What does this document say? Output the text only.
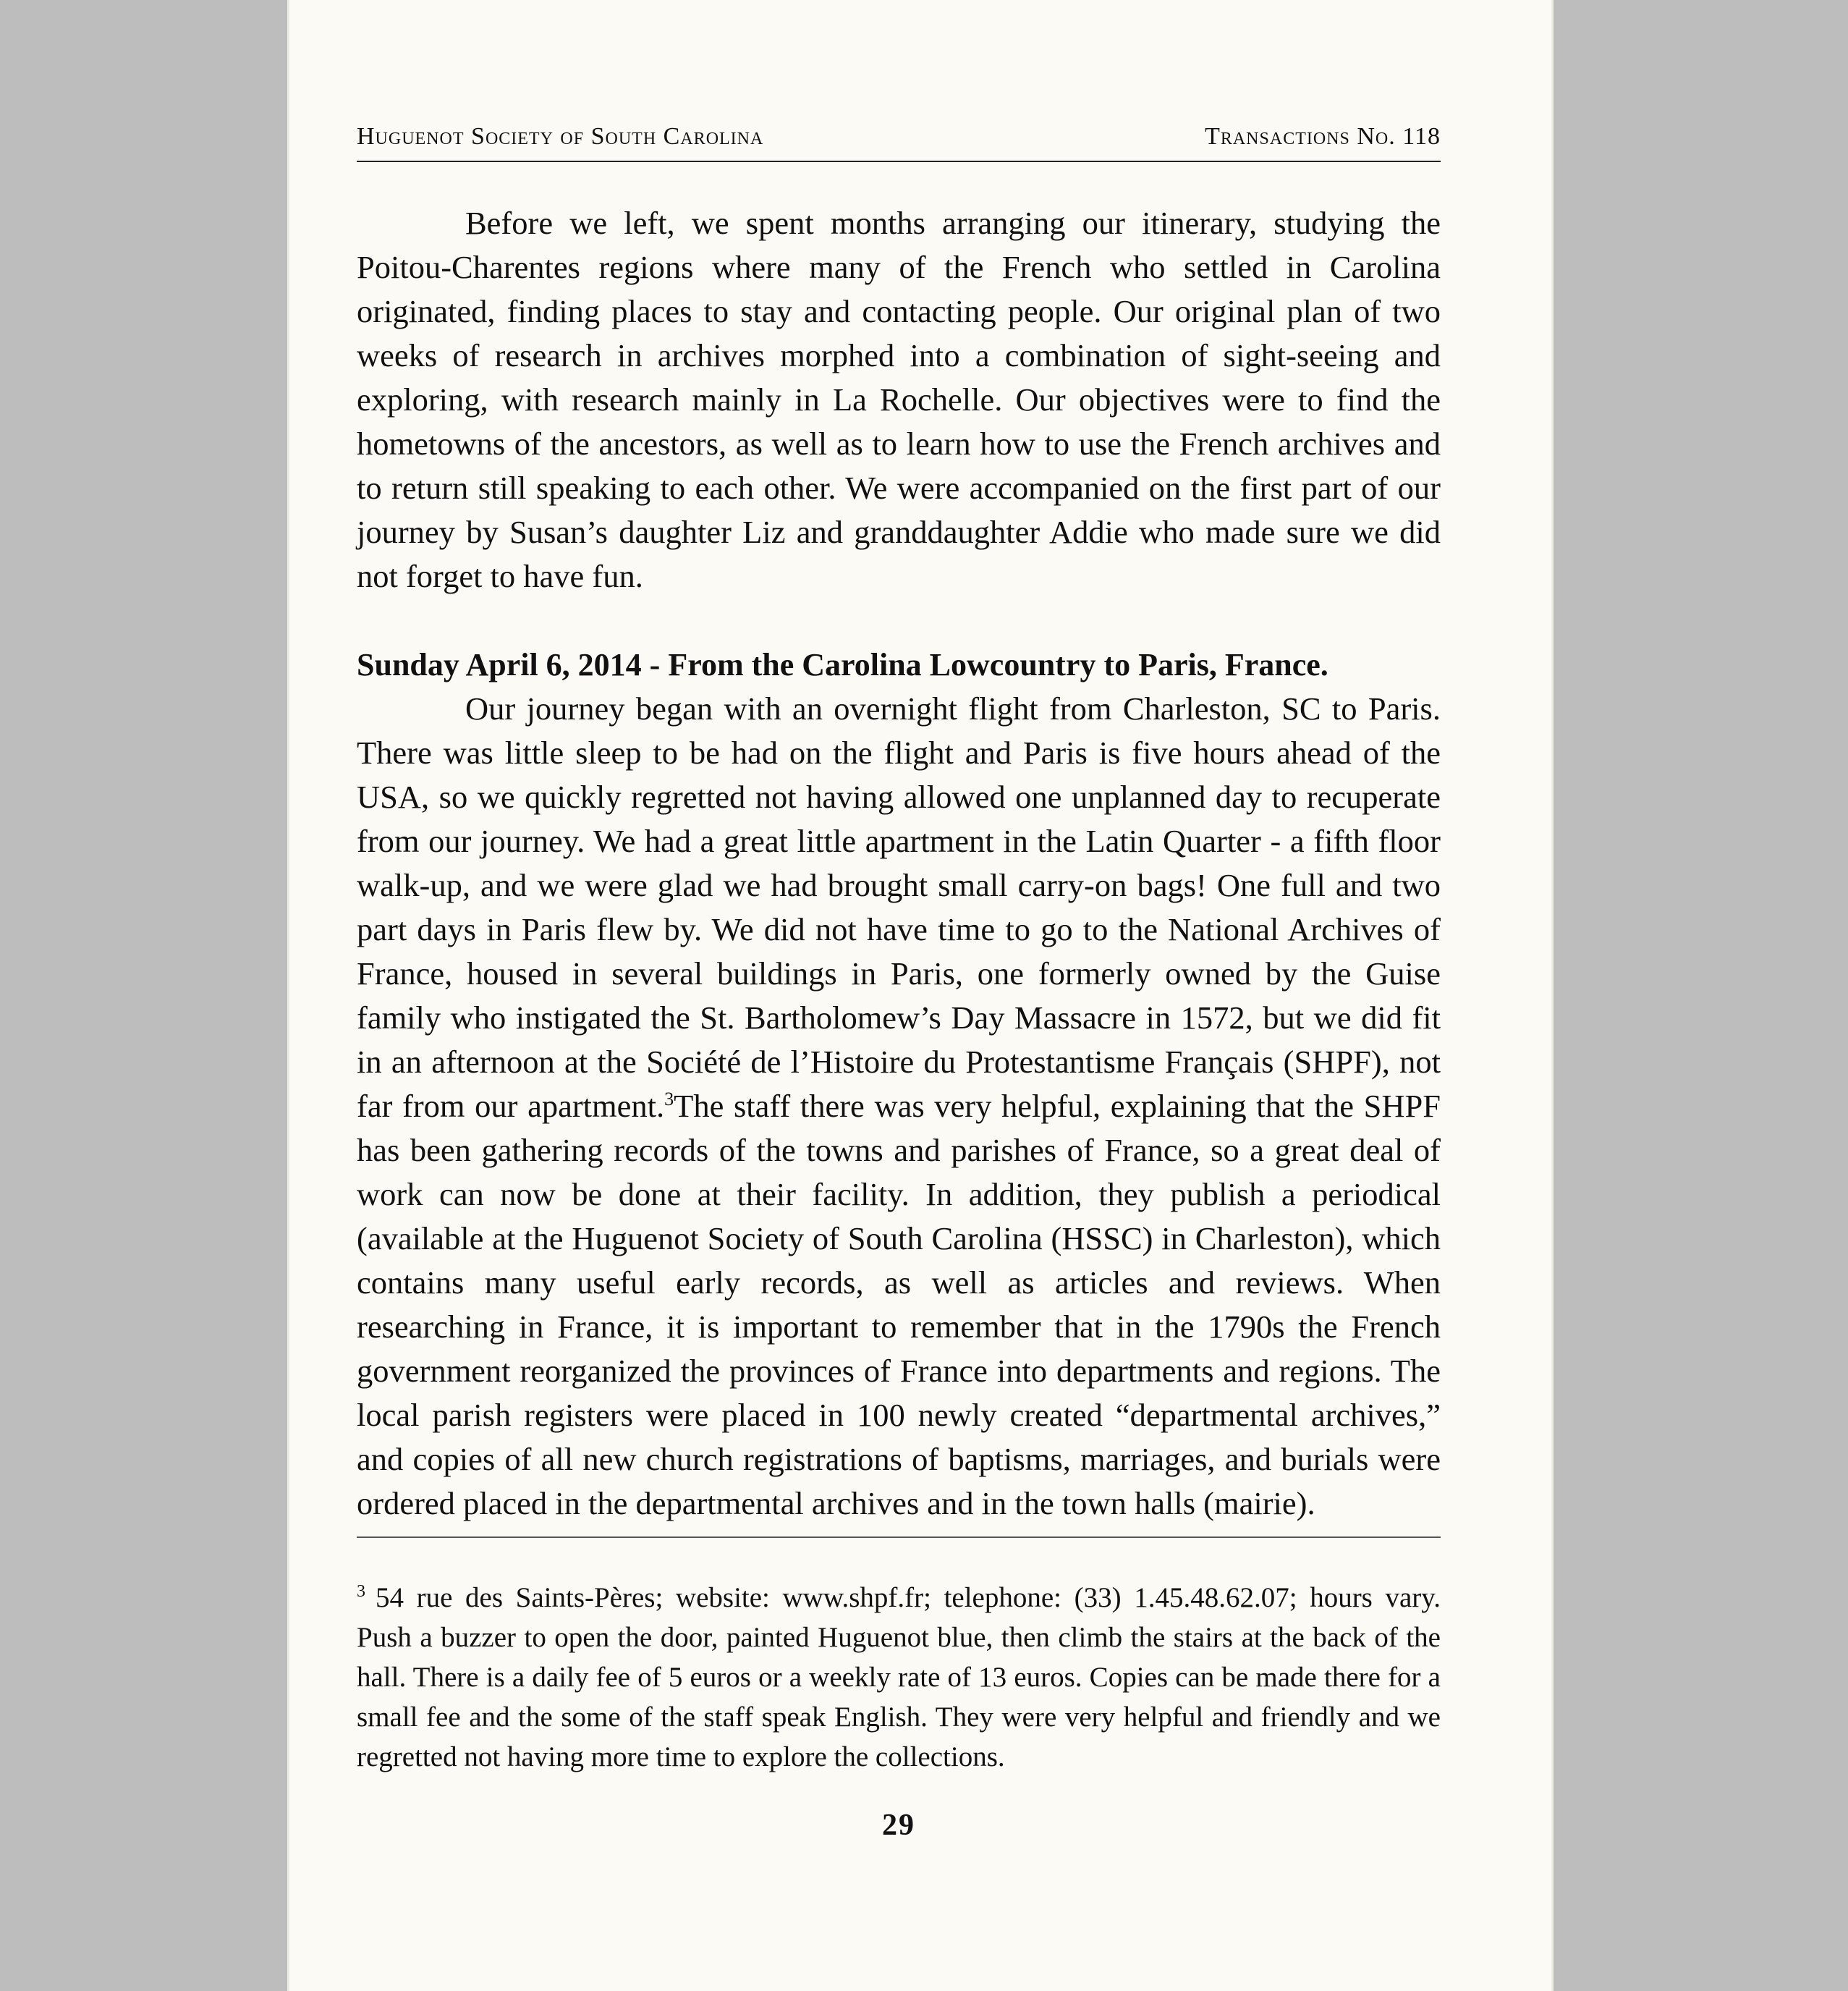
Huguenot Society of South Carolina	Transactions No. 118

Before we left, we spent months arranging our itinerary, studying the Poitou-Charentes regions where many of the French who settled in Carolina originated, finding places to stay and contacting people. Our original plan of two weeks of research in archives morphed into a combination of sight-seeing and exploring, with research mainly in La Rochelle. Our objectives were to find the hometowns of the ancestors, as well as to learn how to use the French archives and to return still speaking to each other. We were accompanied on the first part of our journey by Susan’s daughter Liz and granddaughter Addie who made sure we did not forget to have fun.

Sunday April 6, 2014 - From the Carolina Lowcountry to Paris, France.

Our journey began with an overnight flight from Charleston, SC to Paris. There was little sleep to be had on the flight and Paris is five hours ahead of the USA, so we quickly regretted not having allowed one unplanned day to recuperate from our journey. We had a great little apartment in the Latin Quarter - a fifth floor walk-up, and we were glad we had brought small carry-on bags! One full and two part days in Paris flew by. We did not have time to go to the National Archives of France, housed in several buildings in Paris, one formerly owned by the Guise family who instigated the St. Bartholomew’s Day Massacre in 1572, but we did fit in an afternoon at the Société de l’Histoire du Protestantisme Français (SHPF), not far from our apartment.$^3$The staff there was very helpful, explaining that the SHPF has been gathering records of the towns and parishes of France, so a great deal of work can now be done at their facility. In addition, they publish a periodical (available at the Huguenot Society of South Carolina (HSSC) in Charleston), which contains many useful early records, as well as articles and reviews. When researching in France, it is important to remember that in the 1790s the French government reorganized the provinces of France into departments and regions. The local parish registers were placed in 100 newly created “departmental archives,” and copies of all new church registrations of baptisms, marriages, and burials were ordered placed in the departmental archives and in the town halls (mairie).

$^3$ 54 rue des Saints-Pères; website: www.shpf.fr; telephone: (33) 1.45.48.62.07; hours vary. Push a buzzer to open the door, painted Huguenot blue, then climb the stairs at the back of the hall. There is a daily fee of 5 euros or a weekly rate of 13 euros. Copies can be made there for a small fee and the some of the staff speak English. They were very helpful and friendly and we regretted not having more time to explore the collections.
29
